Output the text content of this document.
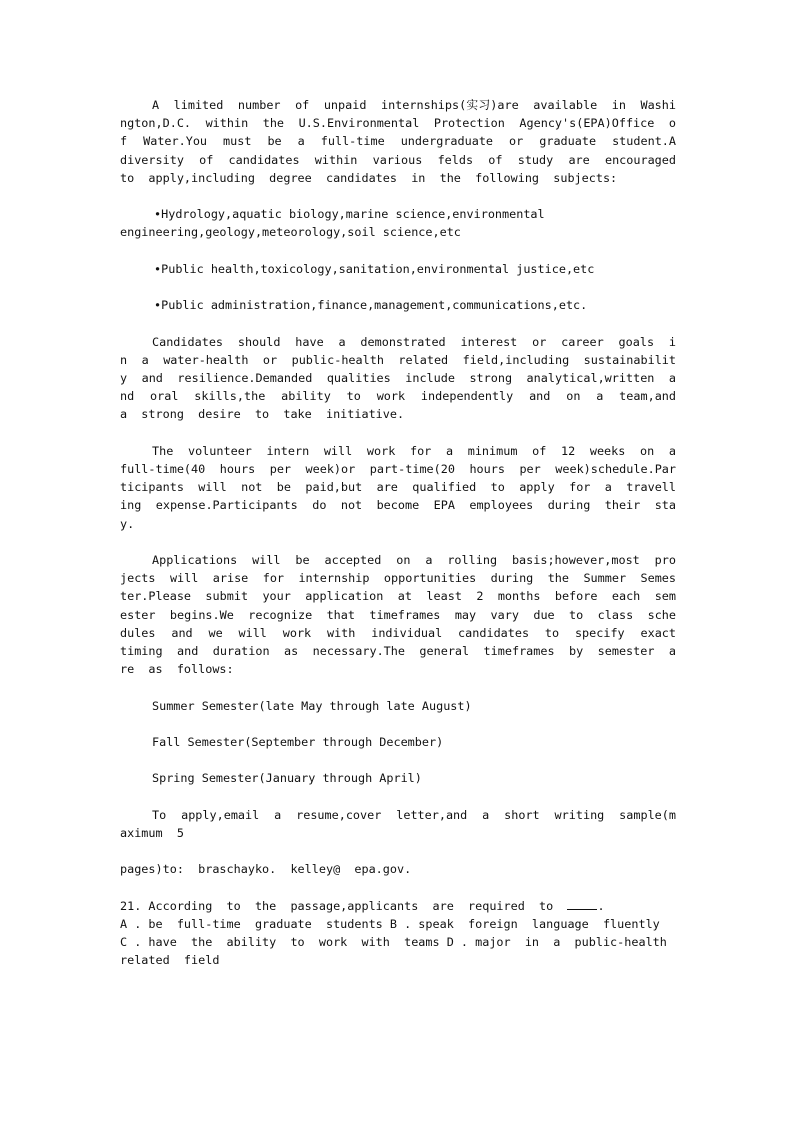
A  limited  number  of  unpaid  internships(实习)are  available  in  Washington,D.C.  within  the  U.S.Environmental  Protection  Agency's(EPA)Office  of  Water.You  must  be  a  full-time  undergraduate  or  graduate  student.A  diversity  of  candidates  within  various  felds  of  study  are  encouraged  to  apply,including  degree  candidates  in  the  following  subjects:

•Hydrology,aquatic biology,marine science,environmental engineering,geology,meteorology,soil science,etc
•Public health,toxicology,sanitation,environmental justice,etc
•Public administration,finance,management,communications,etc.

Candidates  should  have  a  demonstrated  interest  or  career  goals  in  a  water-health  or  public-health  related  field,including  sustainability  and  resilience.Demanded  qualities  include  strong  analytical,written  and  oral  skills,the  ability  to  work  independently  and  on  a  team,and  a  strong  desire  to  take  initiative.

The  volunteer  intern  will  work  for  a  minimum  of  12  weeks  on  a  full-time(40  hours  per  week)or  part-time(20  hours  per  week)schedule.Participants  will  not  be  paid,but  are  qualified  to  apply  for  a  travelling  expense.Participants  do  not  become  EPA  employees  during  their  stay.

Applications  will  be  accepted  on  a  rolling  basis;however,most  projects  will  arise  for  internship  opportunities  during  the  Summer  Semester.Please  submit  your  application  at  least  2  months  before  each  semester  begins.We  recognize  that  timeframes  may  vary  due  to  class  schedules  and  we  will  work  with  individual  candidates  to  specify  exact  timing  and  duration  as  necessary.The  general  timeframes  by  semester  are  as  follows:

Summer Semester(late May through late August)
Fall Semester(September through December)
Spring Semester(January through April)

To  apply,email  a  resume,cover  letter,and  a  short  writing  sample(maximum  5

pages)to:  braschayko.  kelley@  epa.gov.

21. According  to  the  passage,applicants  are  required  to	.

A . be  full-time  graduate  students B . speak  foreign  language  fluently

C . have  the  ability  to  work  with  teams D . major  in  a  public-health  related  field
